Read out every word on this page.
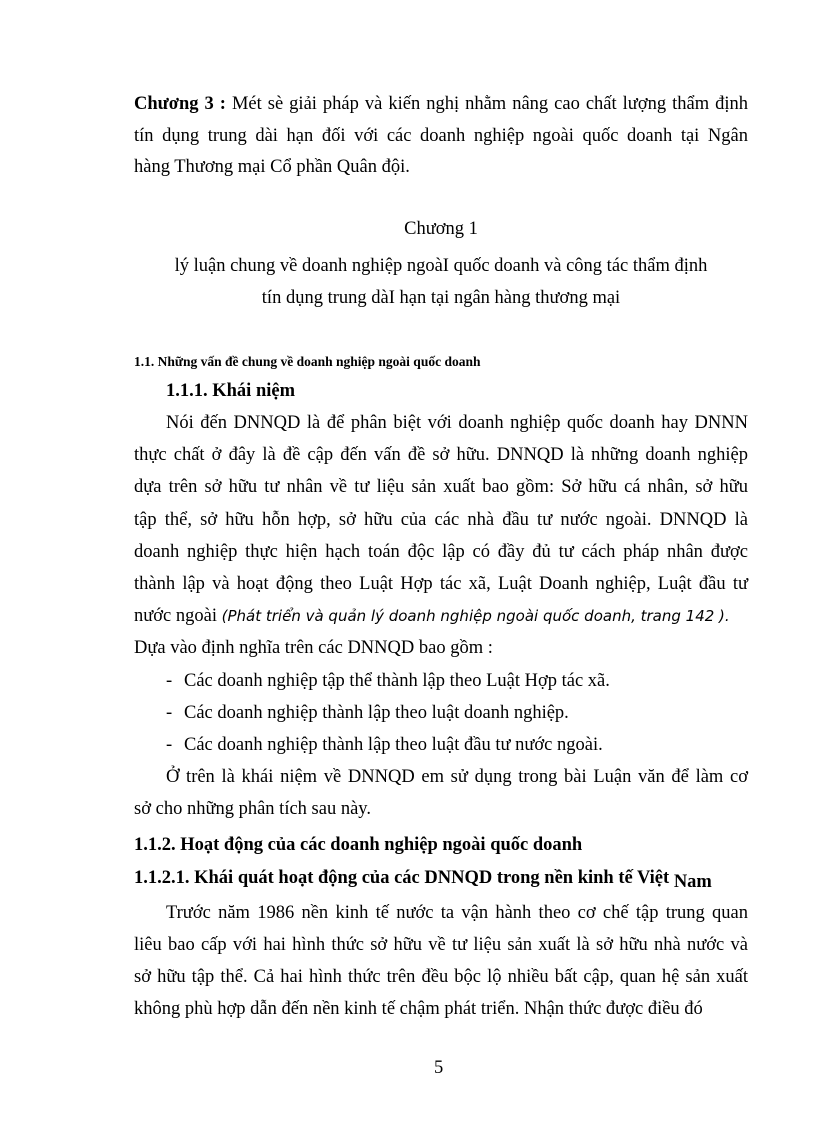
Chương 3 : Mét sè giải pháp và kiến nghị nhằm nâng cao chất lượng thẩm định
tín dụng trung dài hạn đối với các doanh nghiệp ngoài quốc doanh tại Ngân
hàng Thương mại Cổ phần Quân đội.
Chương 1
lý luận chung về doanh nghiệp ngoàI quốc doanh và công tác thẩm định
tín dụng trung dàI hạn tại ngân hàng thương mại
1.1. Những vấn đề chung về doanh nghiệp ngoài quốc doanh
1.1.1. Khái niệm
Nói đến DNNQD là để phân biệt với doanh nghiệp quốc doanh hay DNNN
thực chất ở đây là đề cập đến vấn đề sở hữu. DNNQD là những doanh nghiệp
dựa trên sở hữu tư nhân về tư liệu sản xuất bao gồm: Sở hữu cá nhân, sở hữu
tập thể, sở hữu hỗn hợp, sở hữu của các nhà đầu tư nước ngoài. DNNQD là
doanh nghiệp thực hiện hạch toán độc lập có đầy đủ tư cách pháp nhân được
thành lập và hoạt động theo Luật Hợp tác xã, Luật Doanh nghiệp, Luật đầu tư
nước ngoài (Phát triển và quản lý doanh nghiệp ngoài quốc doanh, trang 142 ).
Dựa vào định nghĩa trên các DNNQD bao gồm :
- Các doanh nghiệp tập thể thành lập theo Luật Hợp tác xã.
- Các doanh nghiệp thành lập theo luật doanh nghiệp.
- Các doanh nghiệp thành lập theo luật đầu tư nước ngoài.
Ở trên là khái niệm về DNNQD em sử dụng trong bài Luận văn để làm cơ
sở cho những phân tích sau này.
1.1.2. Hoạt động của các doanh nghiệp ngoài quốc doanh
1.1.2.1. Khái quát hoạt động của các DNNQD trong nền kinh tế Việt Nam
Trước năm 1986 nền kinh tế nước ta vận hành theo cơ chế tập trung quan
liêu bao cấp với hai hình thức sở hữu về tư liệu sản xuất là sở hữu nhà nước và
sở hữu tập thể. Cả hai hình thức trên đều bộc lộ nhiều bất cập, quan hệ sản xuất
không phù hợp dẫn đến nền kinh tế chậm phát triển. Nhận thức được điều đó
5
